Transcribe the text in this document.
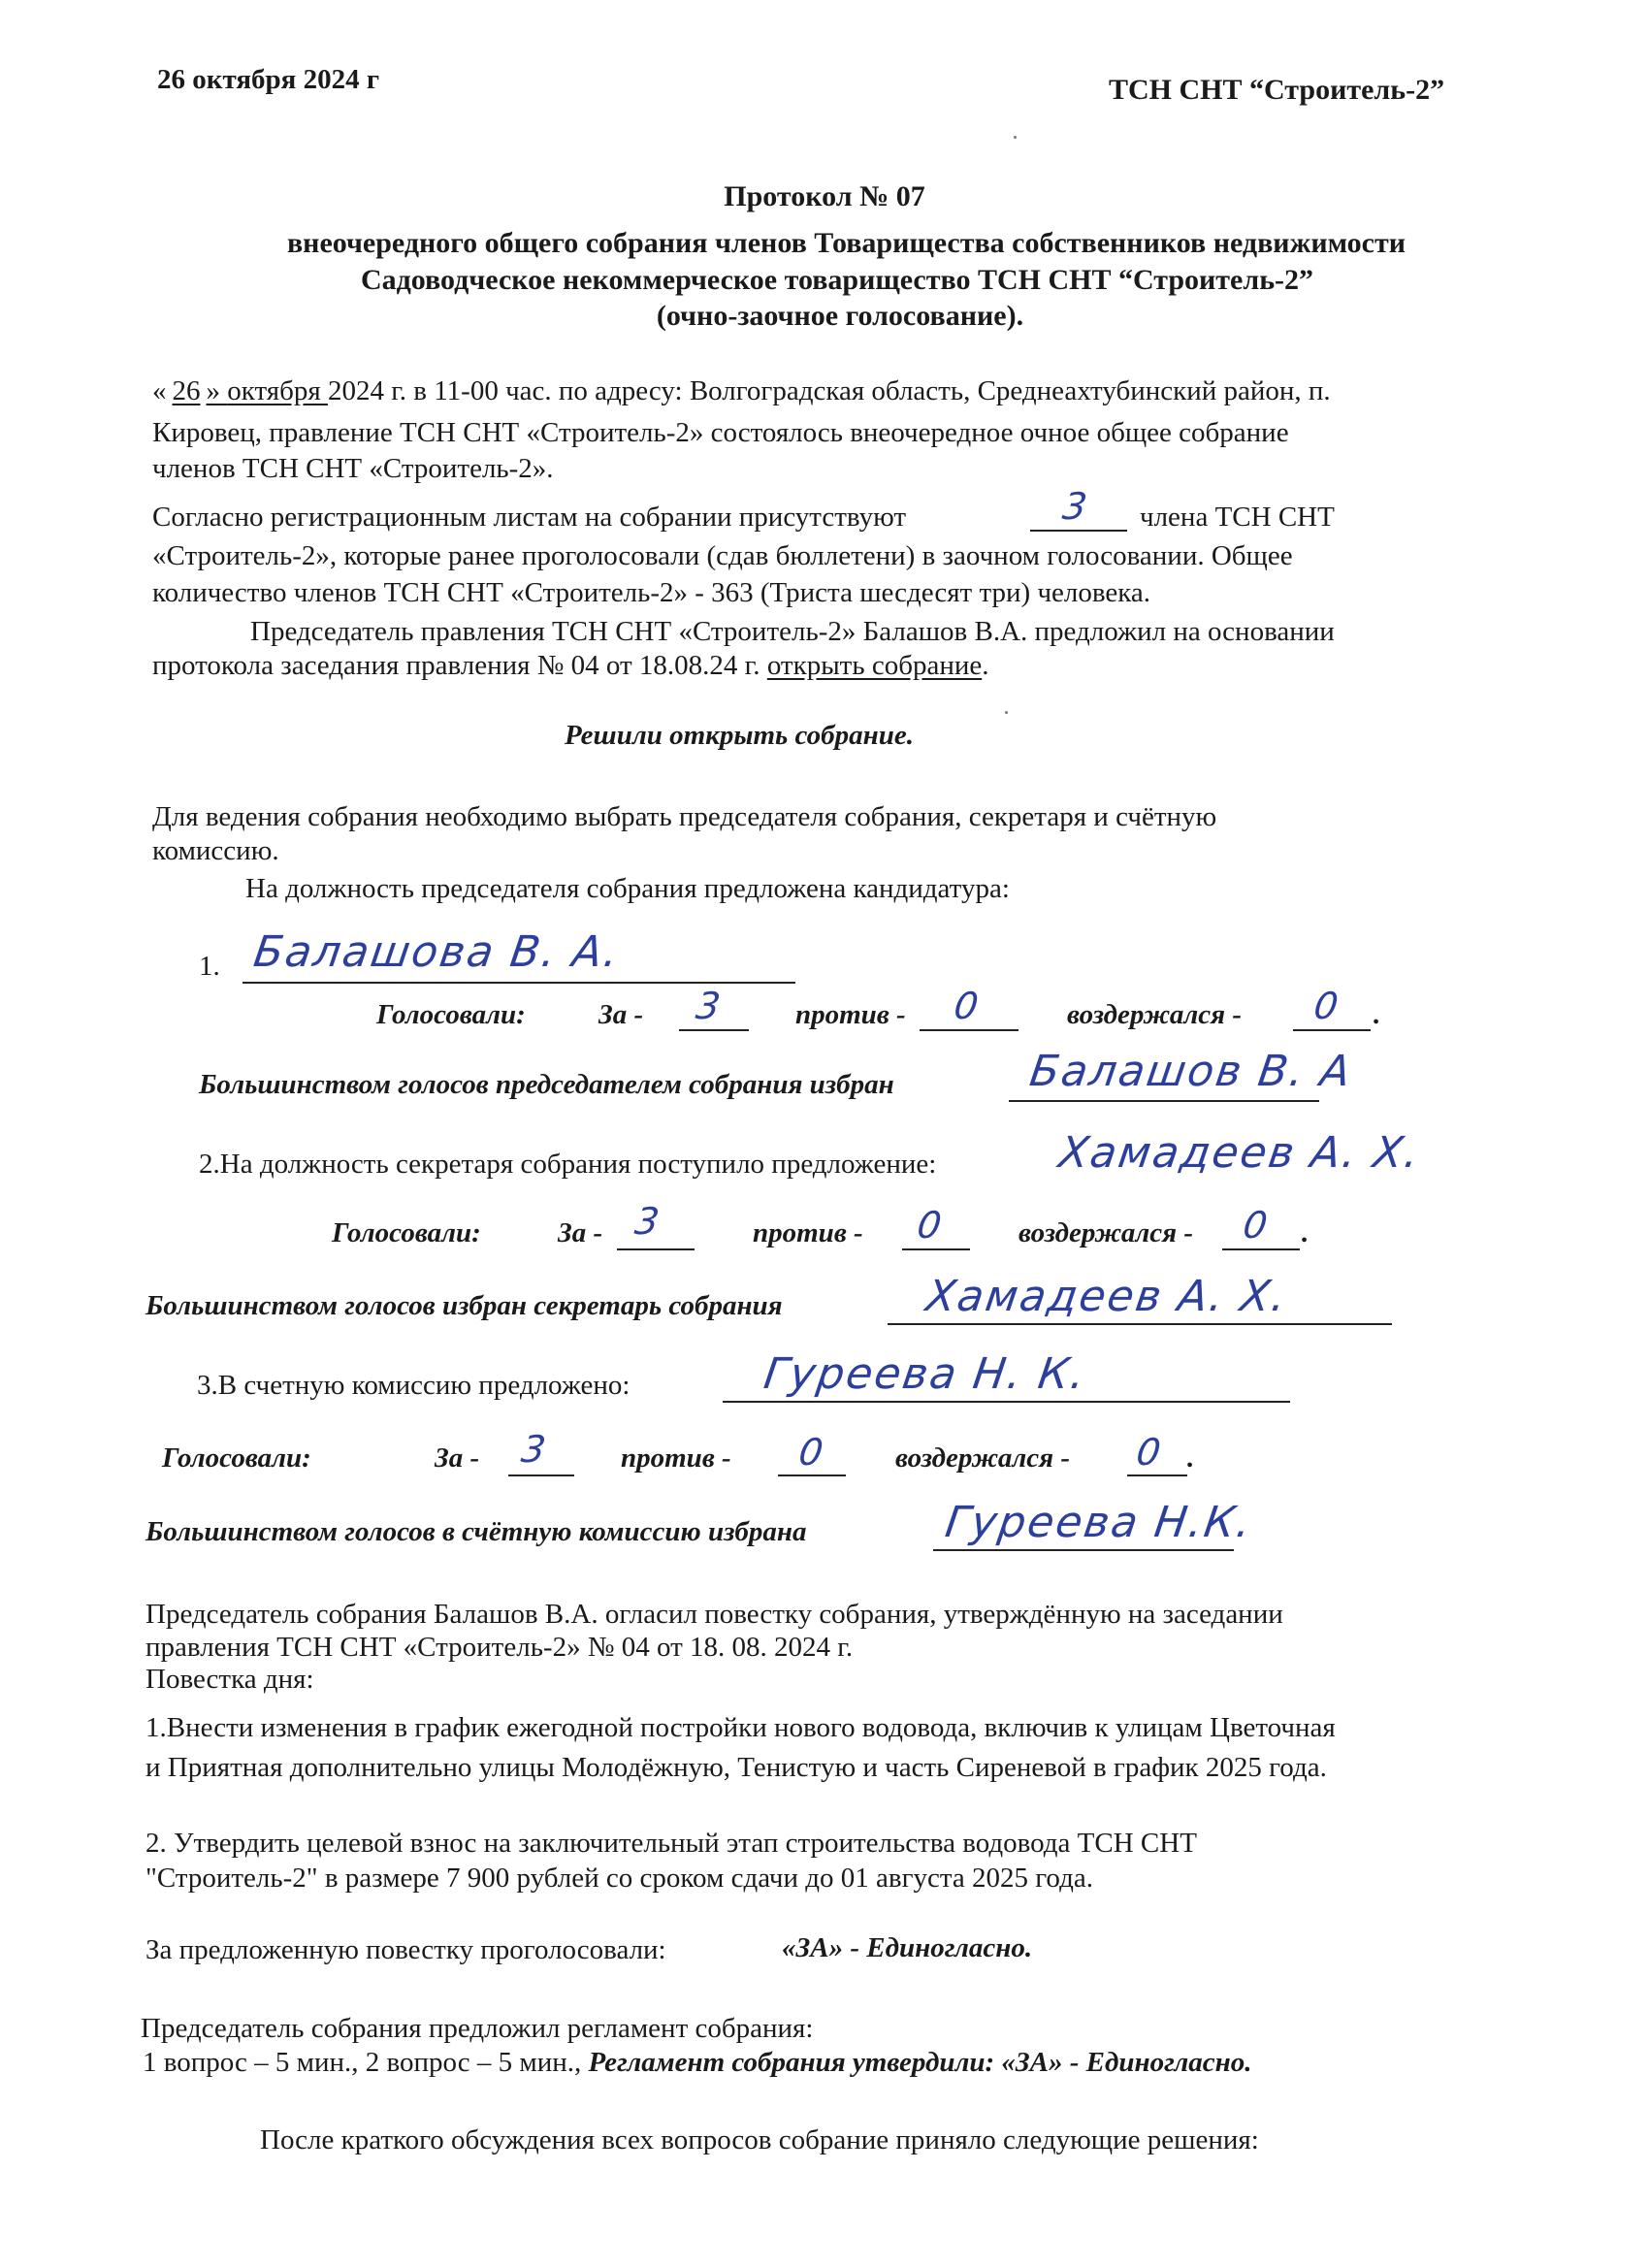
26 октября 2024 г	ТСН СНТ “Строитель-2”
Протокол № 07
внеочередного общего собрания членов Товарищества собственников недвижимости
Садоводческое некоммерческое товарищество ТСН СНТ “Строитель-2”
(очно-заочное голосование).
« 26 » октября 2024 г. в 11-00 час. по адресу: Волгоградская область, Среднеахтубинский район, п.
Кировец, правление ТСН СНТ «Строитель-2» состоялось внеочередное очное общее собрание
членов ТСН СНТ «Строитель-2».
Согласно регистрационным листам на собрании присутствуют	3 члена ТСН СНТ
«Строитель-2», которые ранее проголосовали (сдав бюллетени) в заочном голосовании. Общее
количество членов ТСН СНТ «Строитель-2» - 363 (Триста шесдесят три) человека.
Председатель правления ТСН СНТ «Строитель-2» Балашов В.А. предложил на основании
протокола заседания правления № 04 от 18.08.24 г. открыть собрание.
Решили открыть собрание.
Для ведения собрания необходимо выбрать председателя собрания, секретаря и счётную
комиссию.
На должность председателя собрания предложена кандидатура:
1. Балашова В. А.
Голосовали:	За - 3	против - 0	воздержался - 0 .
Большинством голосов председателем собрания избран	Балашов В. А
2.На должность секретаря собрания поступило предложение:	Хамадеев А. Х.
Голосовали:	За - 3	против - 0	воздержался - 0 .
Большинством голосов избран секретарь собрания	Хамадеев А. Х.
3.В счетную комиссию предложено:	Гуреева Н. К.
Голосовали:	За - 3	против - 0 воздержался - 0 .
Большинством голосов в счётную комиссию избрана	Гуреева Н.К.
Председатель собрания Балашов В.А. огласил повестку собрания, утверждённую на заседании
правления ТСН СНТ «Строитель-2» № 04 от 18. 08. 2024 г.
Повестка дня:
1.Внести изменения в график ежегодной постройки нового водовода, включив к улицам Цветочная
и Приятная дополнительно улицы Молодёжную, Тенистую и часть Сиреневой в график 2025 года.
2. Утвердить целевой взнос на заключительный этап строительства водовода ТСН СНТ
"Строитель-2" в размере 7 900 рублей со сроком сдачи до 01 августа 2025 года.
За предложенную повестку проголосовали:	«ЗА» - Единогласно.
Председатель собрания предложил регламент собрания:
1 вопрос – 5 мин., 2 вопрос – 5 мин., Регламент собрания утвердили: «ЗА» - Единогласно.
После краткого обсуждения всех вопросов собрание приняло следующие решения:
